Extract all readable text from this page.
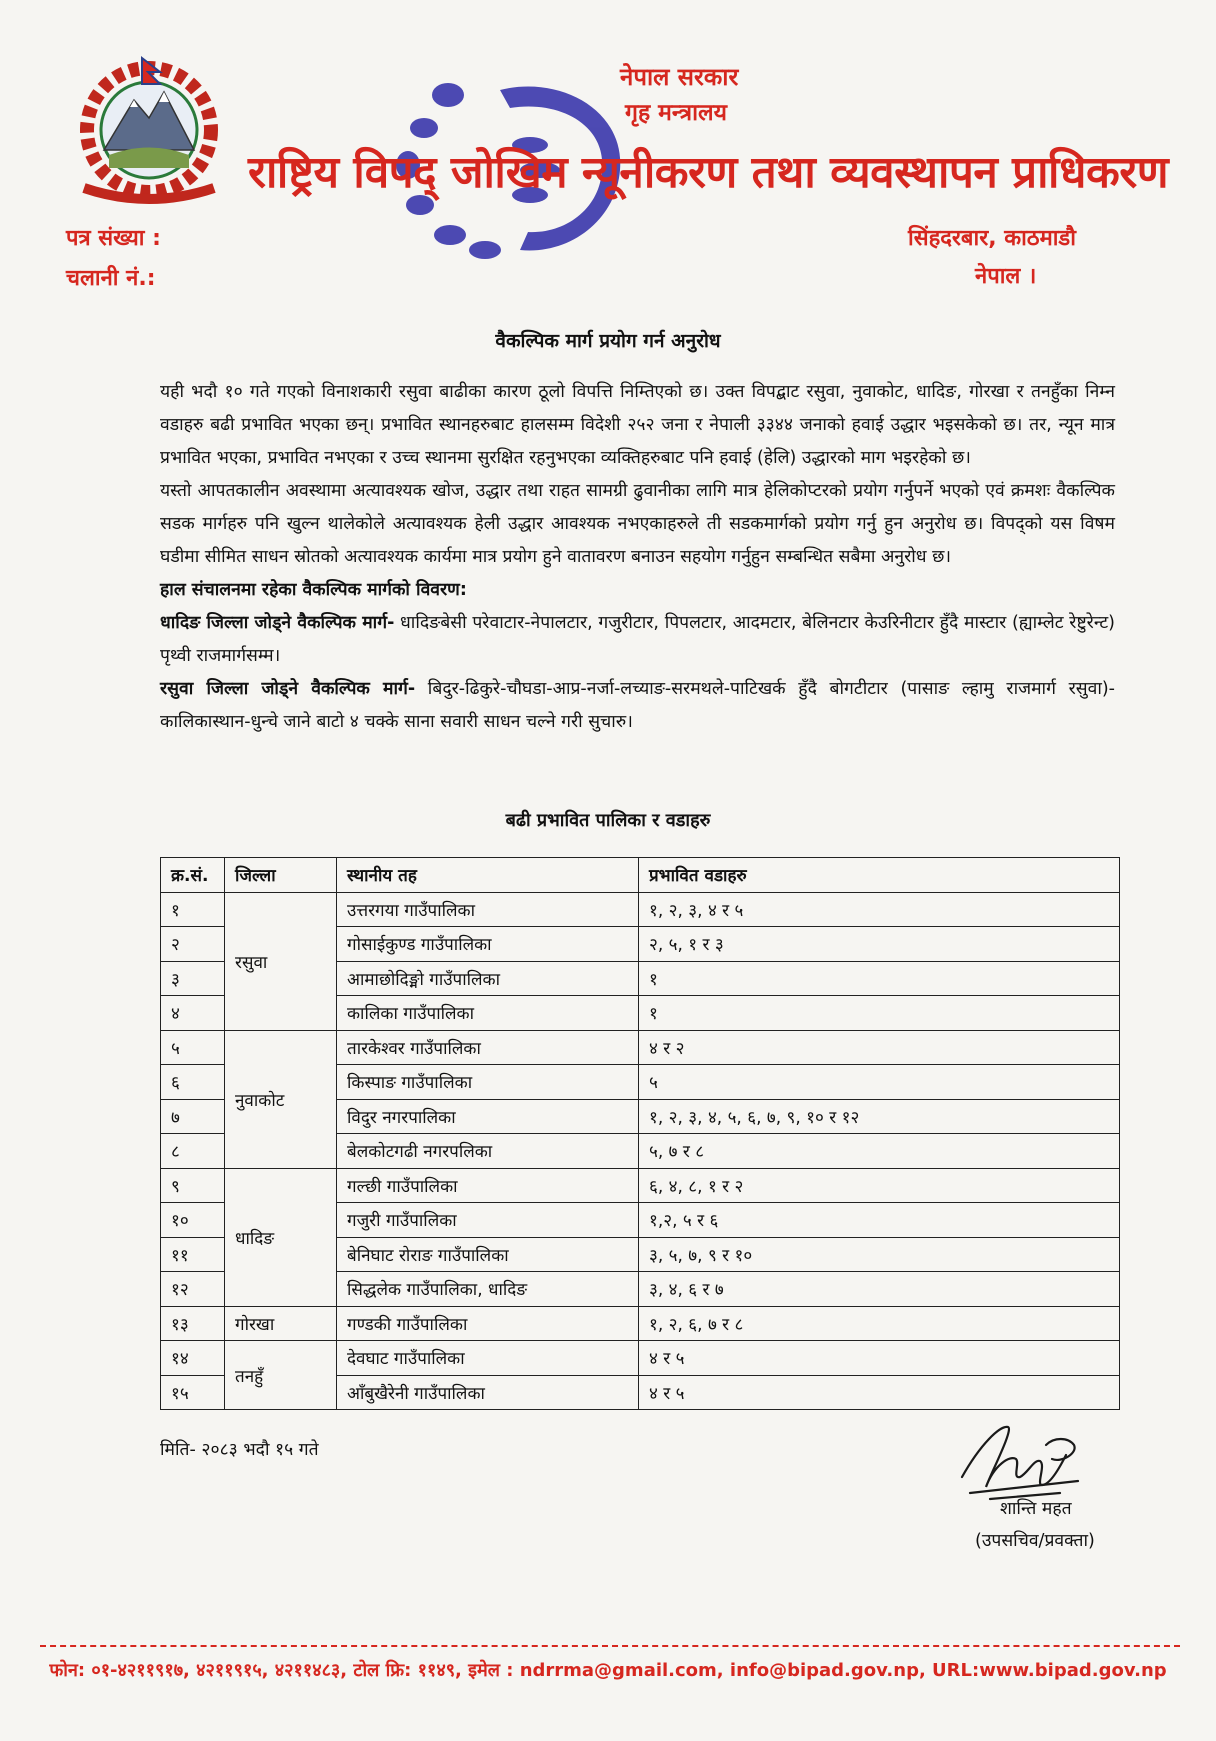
नेपाल सरकार
गृह मन्त्रालय
राष्ट्रिय विपद् जोखिम न्यूनीकरण तथा व्यवस्थापन प्राधिकरण
पत्र संख्या :
चलानी नं.:
सिंहदरबार, काठमाडौ
नेपाल ।
वैकल्पिक मार्ग प्रयोग गर्न अनुरोध

यही भदौ १० गते गएको विनाशकारी रसुवा बाढीका कारण ठूलो विपत्ति निम्तिएको छ। उक्त विपद्बाट रसुवा, नुवाकोट, धादिङ, गोरखा र तनहुँका निम्न वडाहरु बढी प्रभावित भएका छन्। प्रभावित स्थानहरुबाट हालसम्म विदेशी २५२ जना र नेपाली ३३४४ जनाको हवाई उद्धार भइसकेको छ। तर, न्यून मात्र प्रभावित भएका, प्रभावित नभएका र उच्च स्थानमा सुरक्षित रहनुभएका व्यक्तिहरुबाट पनि हवाई (हेलि) उद्धारको माग भइरहेको छ।

यस्तो आपतकालीन अवस्थामा अत्यावश्यक खोज, उद्धार तथा राहत सामग्री ढुवानीका लागि मात्र हेलिकोप्टरको प्रयोग गर्नुपर्ने भएको एवं क्रमशः वैकल्पिक सडक मार्गहरु पनि खुल्न थालेकोले अत्यावश्यक हेली उद्धार आवश्यक नभएकाहरुले ती सडकमार्गको प्रयोग गर्नु हुन अनुरोध छ। विपद्को यस विषम घडीमा सीमित साधन स्रोतको अत्यावश्यक कार्यमा मात्र प्रयोग हुने वातावरण बनाउन सहयोग गर्नुहुन सम्बन्धित सबैमा अनुरोध छ।

हाल संचालनमा रहेका वैकल्पिक मार्गको विवरण:

धादिङ जिल्ला जोड्ने वैकल्पिक मार्ग- धादिङबेसी परेवाटार-नेपालटार, गजुरीटार, पिपलटार, आदमटार, बेलिनटार केउरिनीटार हुँदै मास्टार (ह्याम्लेट रेष्टुरेन्ट) पृथ्वी राजमार्गसम्म।

रसुवा जिल्ला जोड्ने वैकल्पिक मार्ग- बिदुर-ढिकुरे-चौघडा-आप्र-नर्जा-लच्याङ-सरमथले-पाटिखर्क हुँदै बोगटीटार (पासाङ ल्हामु राजमार्ग रसुवा)-कालिकास्थान-धुन्चे जाने बाटो ४ चक्के साना सवारी साधन चल्ने गरी सुचारु।

बढी प्रभावित पालिका र वडाहरु
क्र.सं.	जिल्ला	स्थानीय तह	प्रभावित वडाहरु
१	रसुवा	उत्तरगया गाउँपालिका	१, २, ३, ४ र ५
२		गोसाईकुण्ड गाउँपालिका	२, ५, १ र ३
३		आमाछोदिङ्मो गाउँपालिका	१
४		कालिका गाउँपालिका	१
५	नुवाकोट	तारकेश्वर गाउँपालिका	४ र २
६		किस्पाङ गाउँपालिका	५
७		विदुर नगरपालिका	१, २, ३, ४, ५, ६, ७, ९, १० र १२
८		बेलकोटगढी नगरपलिका	५, ७ र ८
९	धादिङ	गल्छी गाउँपालिका	६, ४, ८, १ र २
१०		गजुरी गाउँपालिका	१,२, ५ र ६
११		बेनिघाट रोराङ गाउँपालिका	३, ५, ७, ९ र १०
१२		सिद्धलेक गाउँपालिका, धादिङ	३, ४, ६ र ७
१३	गोरखा	गण्डकी गाउँपालिका	१, २, ६, ७ र ८
१४	तनहुँ	देवघाट गाउँपालिका	४ र ५
१५		आँबुखैरेनी गाउँपालिका	४ र ५
मिति- २०८३ भदौ १५ गते
शान्ति महत
(उपसचिव/प्रवक्ता)
फोन: ०१-४२११९१७, ४२११९१५, ४२११४८३, टोल फ्रि: ११४९, इमेल : ndrrma@gmail.com, info@bipad.gov.np, URL:www.bipad.gov.np
